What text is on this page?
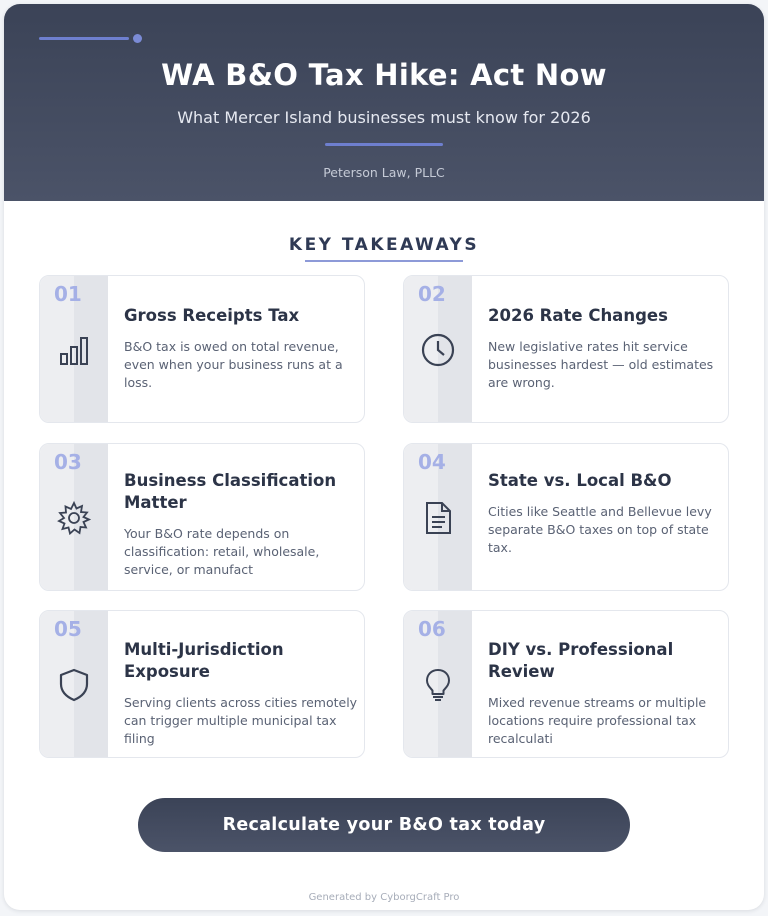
WA B&O Tax Hike: Act Now
What Mercer Island businesses must know for 2026
Peterson Law, PLLC
KEY TAKEAWAYS
01
Gross Receipts Tax
B&O tax is owed on total revenue, even when your business runs at a loss.
02
2026 Rate Changes
New legislative rates hit service businesses hardest — old estimates are wrong.
03
Business Classification Matter
Your B&O rate depends on classification: retail, wholesale, service, or manufact
04
State vs. Local B&O
Cities like Seattle and Bellevue levy separate B&O taxes on top of state tax.
05
Multi-Jurisdiction Exposure
Serving clients across cities remotely can trigger multiple municipal tax filing
06
DIY vs. Professional Review
Mixed revenue streams or multiple locations require professional tax recalculati
Recalculate your B&O tax today
Generated by CyborgCraft Pro
